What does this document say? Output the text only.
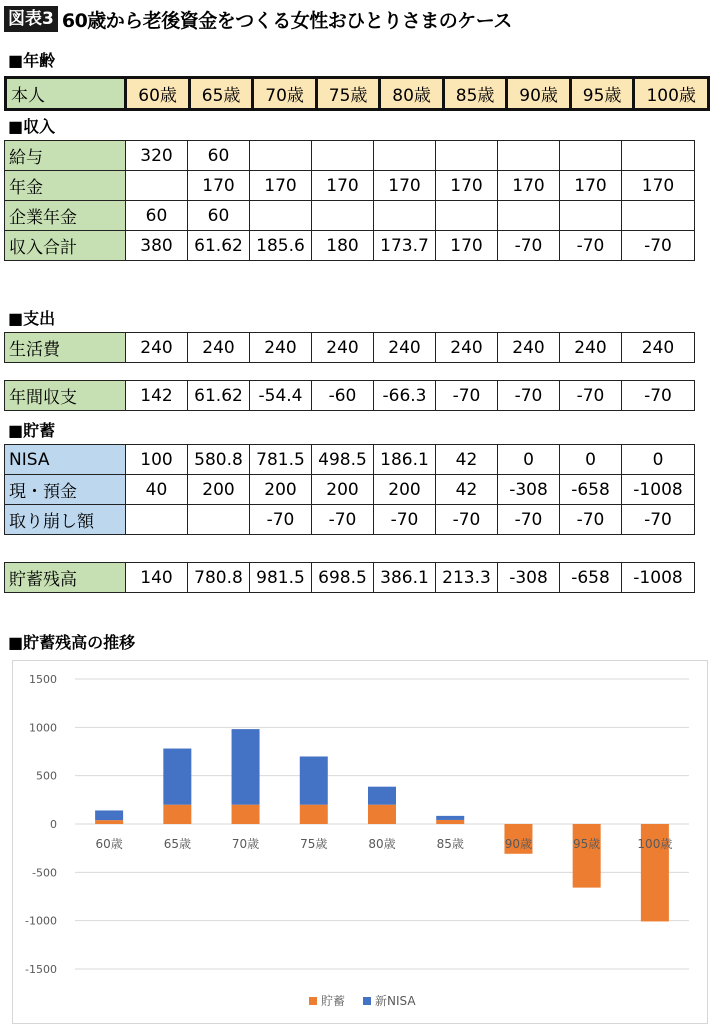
図表3 60歳から老後資金をつくる女性おひとりさまのケース
■年齢
本人	60歳	65歳	70歳	75歳	80歳	85歳	90歳	95歳	100歳
■収入
給与	320	60							
年金		170	170	170	170	170	170	170	170
企業年金	60	60							
収入合計	380	61.62	185.6	180	173.7	170	-70	-70	-70
■支出
生活費	240	240	240	240	240	240	240	240	240
年間収支	142	61.62	-54.4	-60	-66.3	-70	-70	-70	-70
■貯蓄
NISA	100	580.8	781.5	498.5	186.1	42	0	0	0
現・預金	40	200	200	200	200	42	-308	-658	-1008
取り崩し額			-70	-70	-70	-70	-70	-70	-70
貯蓄残高	140	780.8	981.5	698.5	386.1	213.3	-308	-658	-1008
■貯蓄残高の推移
1500
1000
500
0
-500
-1000
-1500
60歳	65歳	70歳	75歳	80歳	85歳	90歳	95歳	100歳
貯蓄 新NISA
